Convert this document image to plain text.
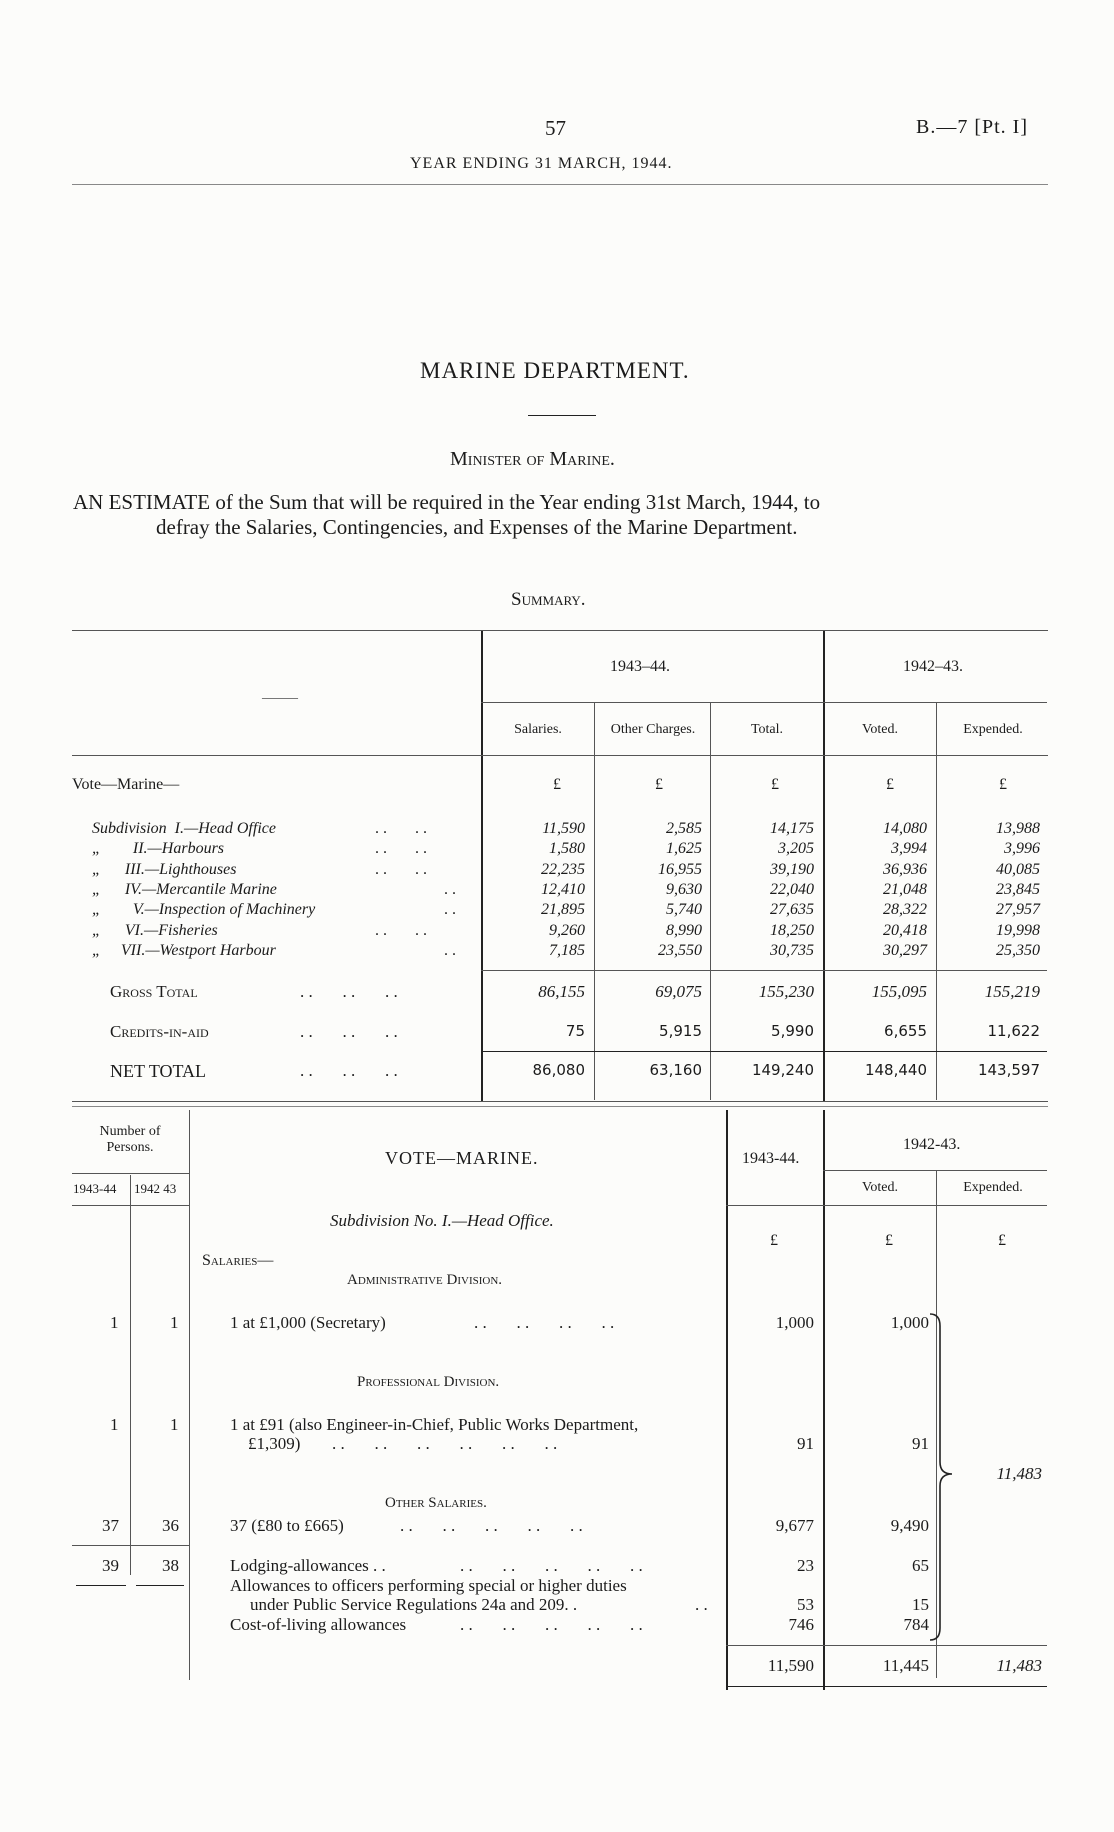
57	B.—7 [Pt. I]
YEAR ENDING 31 MARCH, 1944.
MARINE DEPARTMENT.
Minister of Marine.
AN ESTIMATE of the Sum that will be required in the Year ending 31st March, 1944, to
defray the Salaries, Contingencies, and Expenses of the Marine Department.
Summary.
———
1943–44.	1942–43.
Salaries.	Other Charges.	Total.	Voted.	Expended.
Vote—Marine—	£	£	£	£	£
Subdivision  I.—Head Office	. .       . .	11,590	2,585	14,175	14,080	13,988
„        II.—Harbours	. .       . .	1,580	1,625	3,205	3,994	3,996
„      III.—Lighthouses	. .       . .	22,235	16,955	39,190	36,936	40,085
„      IV.—Mercantile Marine	. .	12,410	9,630	22,040	21,048	23,845
„        V.—Inspection of Machinery	. .	21,895	5,740	27,635	28,322	27,957
„      VI.—Fisheries	. .       . .	9,260	8,990	18,250	20,418	19,998
„     VII.—Westport Harbour	. .	7,185	23,550	30,735	30,297	25,350
Gross Total	. .       . .       . .	86,155	69,075	155,230	155,095	155,219
Credits-in-aid	. .       . .       . .	75	5,915	5,990	6,655	11,622
NET TOTAL	. .       . .       . .	86,080	63,160	149,240	148,440	143,597
Number of Persons.
1943-44 1942 43
VOTE—MARINE.	1943-44.
1942-43.
Voted.	Expended.
Subdivision No. I.—Head Office.
£	£	£
Salaries—
Administrative Division.
1	1	1 at £1,000 (Secretary)	. .       . .       . .       . .	1,000	1,000
Professional Division.
1	1	1 at £91 (also Engineer-in-Chief, Public Works Department,
£1,309) . .       . .       . .       . .       . .       . .	91	91
Other Salaries.
37	36	37 (£80 to £665)	. .       . .       . .       . .       . .	9,677	9,490
39	38	Lodging-allowances . .	. .       . .       . .       . .       . .	23	65
Allowances to officers performing special or higher duties
under Public Service Regulations 24a and 209. .	. .	53	15
Cost-of-living allowances	. .       . .       . .       . .       . .	746	784
11,483
11,590	11,445	11,483
